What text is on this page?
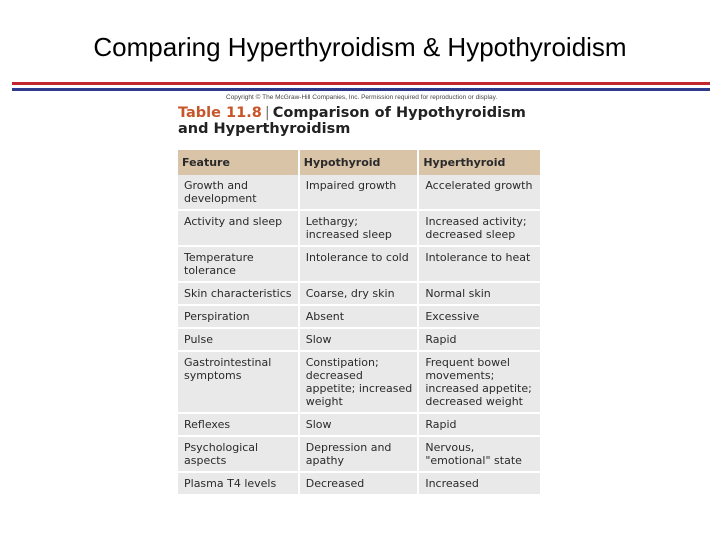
Comparing Hyperthyroidism & Hypothyroidism
Copyright © The McGraw-Hill Companies, Inc. Permission required for reproduction or display.
Table 11.8 | Comparison of Hypothyroidism
and Hyperthyroidism
Feature	Hypothyroid	Hyperthyroid
Growth and development	Impaired growth	Accelerated growth
Activity and sleep	Lethargy; increased sleep	Increased activity; decreased sleep
Temperature tolerance	Intolerance to cold	Intolerance to heat
Skin characteristics	Coarse, dry skin	Normal skin
Perspiration	Absent	Excessive
Pulse	Slow	Rapid
Gastrointestinal symptoms	Constipation; decreased appetite; increased weight	Frequent bowel movements; increased appetite; decreased weight
Reflexes	Slow	Rapid
Psychological aspects	Depression and apathy	Nervous, "emotional" state
Plasma T4 levels	Decreased	Increased
